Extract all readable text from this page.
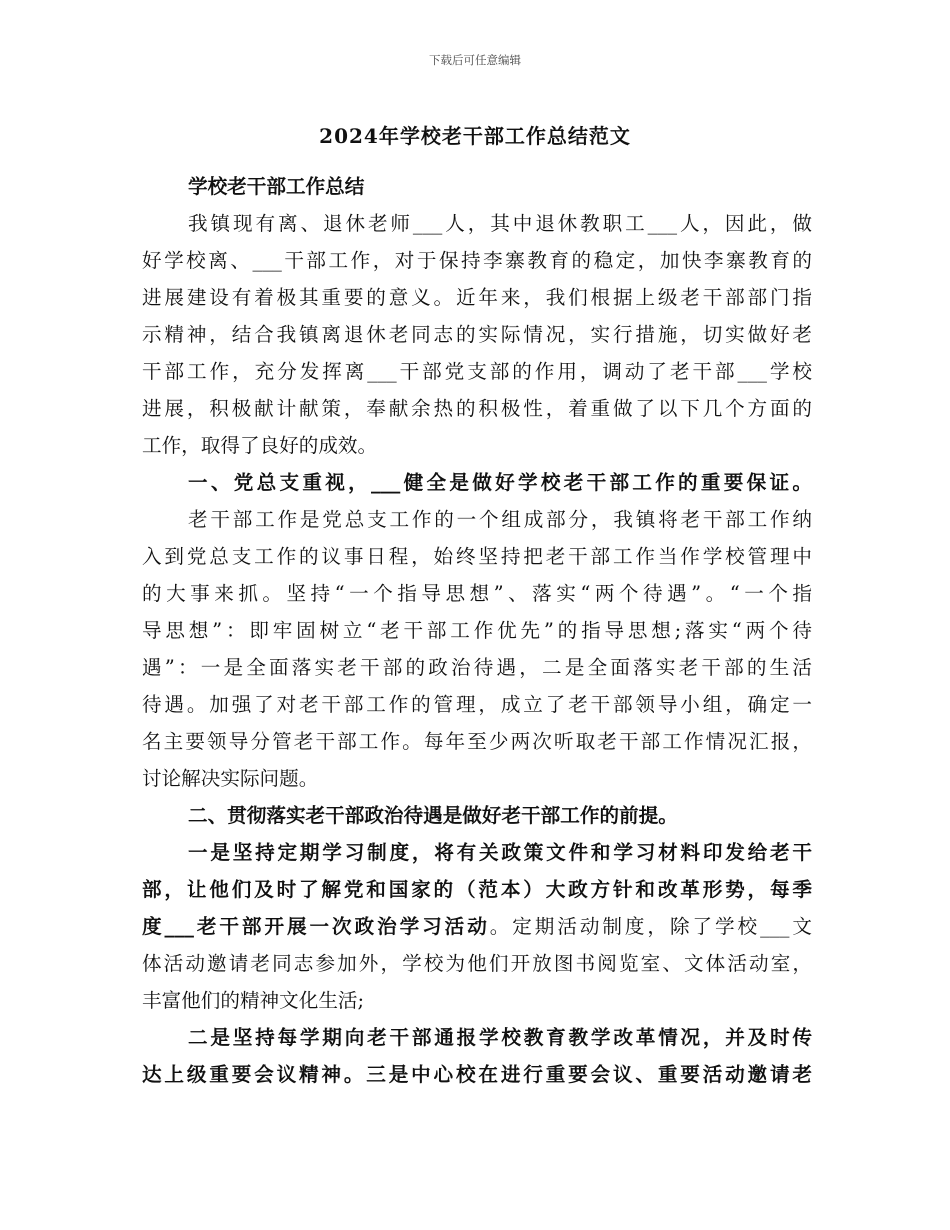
下载后可任意编辑
2024年学校老干部工作总结范文
学校老干部工作总结
我镇现有离、退休老师___人，其中退休教职工___人，因此，做
好学校离、___干部工作，对于保持李寨教育的稳定，加快李寨教育的
进展建设有着极其重要的意义。近年来，我们根据上级老干部部门指
示精神，结合我镇离退休老同志的实际情况，实行措施，切实做好老
干部工作，充分发挥离___干部党支部的作用，调动了老干部___学校
进展，积极献计献策，奉献余热的积极性，着重做了以下几个方面的
工作，取得了良好的成效。
一、党总支重视，___健全是做好学校老干部工作的重要保证。
老干部工作是党总支工作的一个组成部分，我镇将老干部工作纳
入到党总支工作的议事日程，始终坚持把老干部工作当作学校管理中
的大事来抓。坚持“一个指导思想”、落实“两个待遇”。“一个指
导思想”：即牢固树立“老干部工作优先”的指导思想;落实“两个待
遇”：一是全面落实老干部的政治待遇，二是全面落实老干部的生活
待遇。加强了对老干部工作的管理，成立了老干部领导小组，确定一
名主要领导分管老干部工作。每年至少两次听取老干部工作情况汇报，
讨论解决实际问题。
二、贯彻落实老干部政治待遇是做好老干部工作的前提。
一是坚持定期学习制度，将有关政策文件和学习材料印发给老干
部，让他们及时了解党和国家的（范本）大政方针和改革形势，每季
度___老干部开展一次政治学习活动。定期活动制度，除了学校___文
体活动邀请老同志参加外，学校为他们开放图书阅览室、文体活动室，
丰富他们的精神文化生活;
二是坚持每学期向老干部通报学校教育教学改革情况，并及时传
达上级重要会议精神。三是中心校在进行重要会议、重要活动邀请老
